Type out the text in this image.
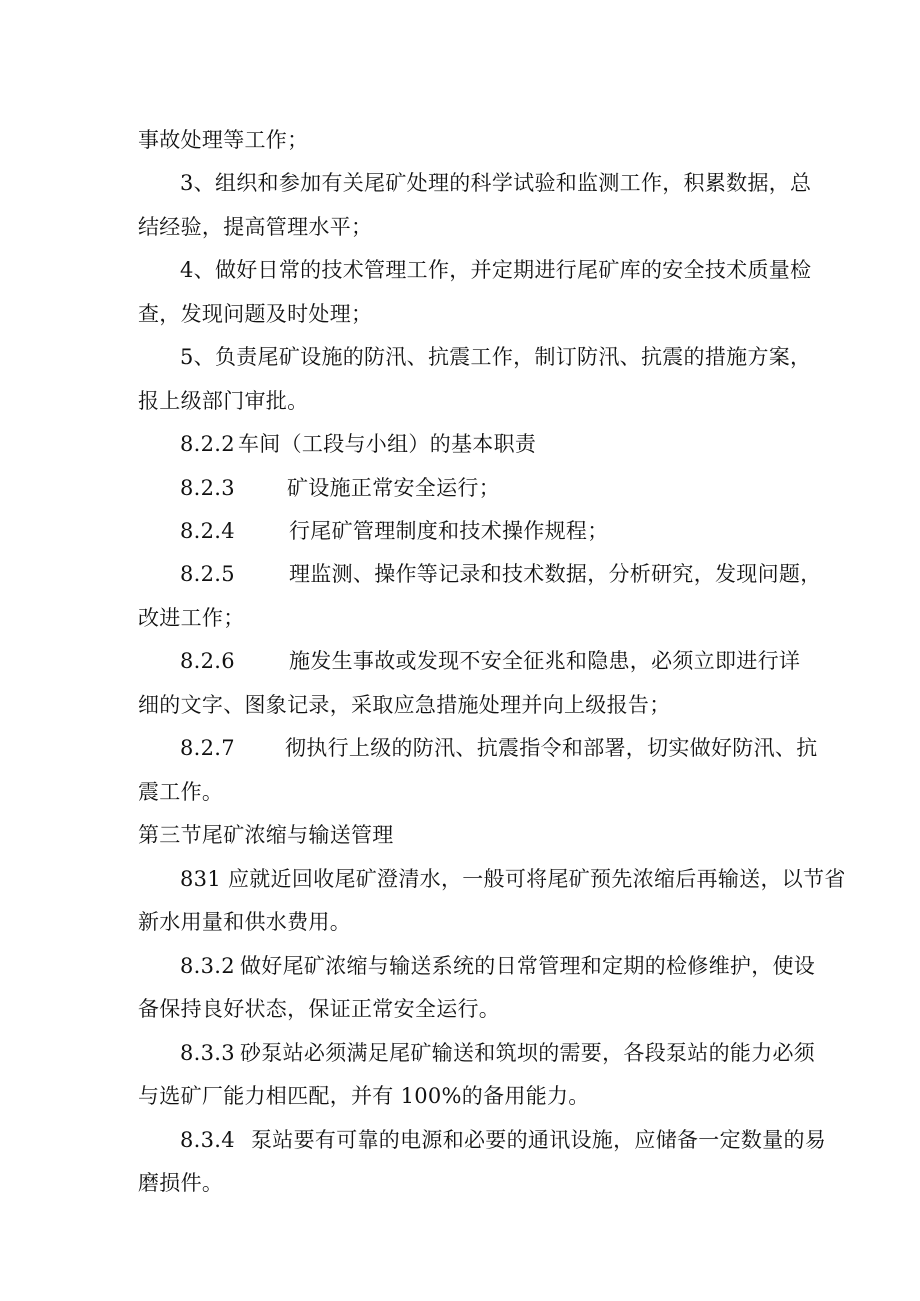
事故处理等工作；
3、组织和参加有关尾矿处理的科学试验和监测工作，积累数据，总
结经验，提高管理水平；
4、做好日常的技术管理工作，并定期进行尾矿库的安全技术质量检
查，发现问题及时处理；
5、负责尾矿设施的防汛、抗震工作，制订防汛、抗震的措施方案，
报上级部门审批。
8.2.2 车间（工段与小组）的基本职责
8.2.3 矿设施正常安全运行；
8.2.4	行尾矿管理制度和技术操作规程；
8.2.5	理监测、操作等记录和技术数据，分析研究，发现问题，
改进工作；
8.2.6	施发生事故或发现不安全征兆和隐患，必须立即进行详
细的文字、图象记录，采取应急措施处理并向上级报告；
8.2.7 彻执行上级的防汛、抗震指令和部署，切实做好防汛、抗
震工作。
第三节尾矿浓缩与输送管理
831 应就近回收尾矿澄清水，一般可将尾矿预先浓缩后再输送，以节省
新水用量和供水费用。
8.3.2 做好尾矿浓缩与输送系统的日常管理和定期的检修维护，使设
备保持良好状态，保证正常安全运行。
8.3.3 砂泵站必须满足尾矿输送和筑坝的需要，各段泵站的能力必须
与选矿厂能力相匹配，并有 100%的备用能力。
8.3.4 泵站要有可靠的电源和必要的通讯设施，应储备一定数量的易
磨损件。
